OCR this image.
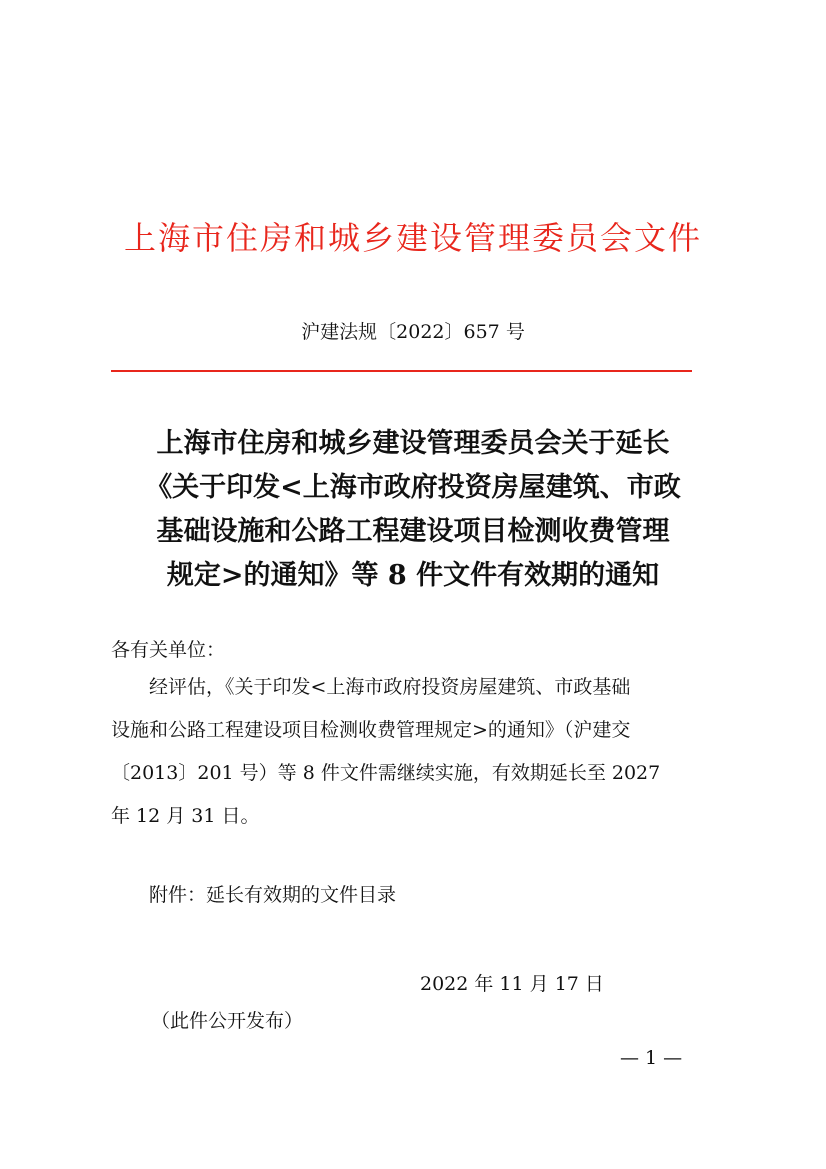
上海市住房和城乡建设管理委员会文件
沪建法规〔2022〕657 号
上海市住房和城乡建设管理委员会关于延长
《关于印发<上海市政府投资房屋建筑、市政
基础设施和公路工程建设项目检测收费管理
规定>的通知》等 8 件文件有效期的通知
各有关单位：
经评估，《关于印发<上海市政府投资房屋建筑、市政基础
设施和公路工程建设项目检测收费管理规定>的通知》（沪建交
〔2013〕201 号）等 8 件文件需继续实施，有效期延长至 2027
年 12 月 31 日。
附件：延长有效期的文件目录
2022 年 11 月 17 日
（此件公开发布）
— 1 —
